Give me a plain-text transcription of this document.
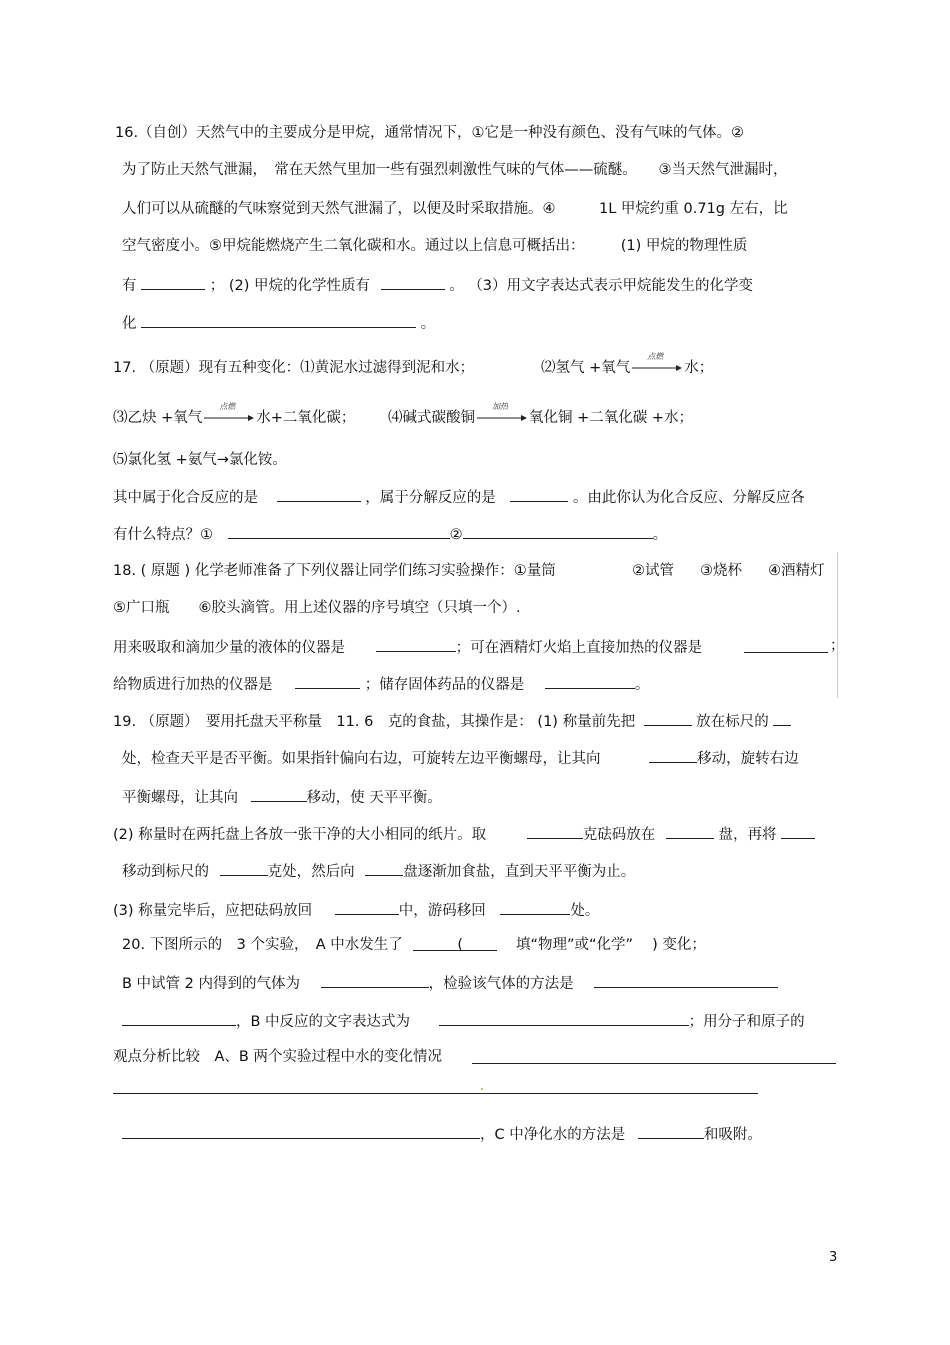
16.（自创）天然气中的主要成分是甲烷，通常情况下，①它是一种没有颜色、没有气味的气体。②
为了防止天然气泄漏，　常在天然气里加一些有强烈刺激性气味的气体——硫醚。　　③当天然气泄漏时，
人们可以从硫醚的气味察觉到天然气泄漏了，以便及时采取措施。④　　　1L 甲烷约重 0.71g 左右，比
空气密度小。⑤甲烷能燃烧产生二氧化碳和水。通过以上信息可概括出：　　　(1) 甲烷的物理性质
有	； (2) 甲烷的化学性质有	。 （3）用文字表达式表示甲烷能发生的化学变
化	。
17. （原题）现有五种变化：⑴黄泥水过滤得到泥和水；	⑵氢气 +氧气
点燃
水；
⑶乙炔 +氧气
点燃
水+二氧化碳； ⑷碱式碳酸铜
加热
氧化铜 +二氧化碳 +水；
⑸氯化氢 +氨气→氯化铵。
其中属于化合反应的是	，属于分解反应的是	。由此你认为化合反应、分解反应各
有什么特点？①	②	。
18. ( 原题 ) 化学老师准备了下列仪器让同学们练习实验操作：①量筒	②试管 ③烧杯 ④酒精灯
⑤广口瓶　　⑥胶头滴管。用上述仪器的序号填空（只填一个）.
用来吸取和滴加少量的液体的仪器是	；可在酒精灯火焰上直接加热的仪器是	；
给物质进行加热的仪器是	；储存固体药品的仪器是	。
19. （原题）　要用托盘天平称量　11. 6　克的食盐，其操作是： (1) 称量前先把	放在标尺的
处，检查天平是否平衡。如果指针偏向右边，可旋转左边平衡螺母，让其向	移动，旋转右边
平衡螺母，让其向	移动，使 天平平衡。
(2) 称量时在两托盘上各放一张干净的大小相同的纸片。取	克砝码放在	盘，再将
移动到标尺的	克处，然后向	盘逐渐加食盐，直到天平平衡为止。
(3) 称量完毕后，应把砝码放回	中，游码移回	处。
20. 下图所示的　3 个实验，　A 中水发生了	(	填“物理”或“化学”　 ) 变化；
B 中试管 2 内得到的气体为	，检验该气体的方法是
，B 中反应的文字表达式为	；用分子和原子的
观点分析比较　A、B 两个实验过程中水的变化情况
，C 中净化水的方法是	和吸附。
3
